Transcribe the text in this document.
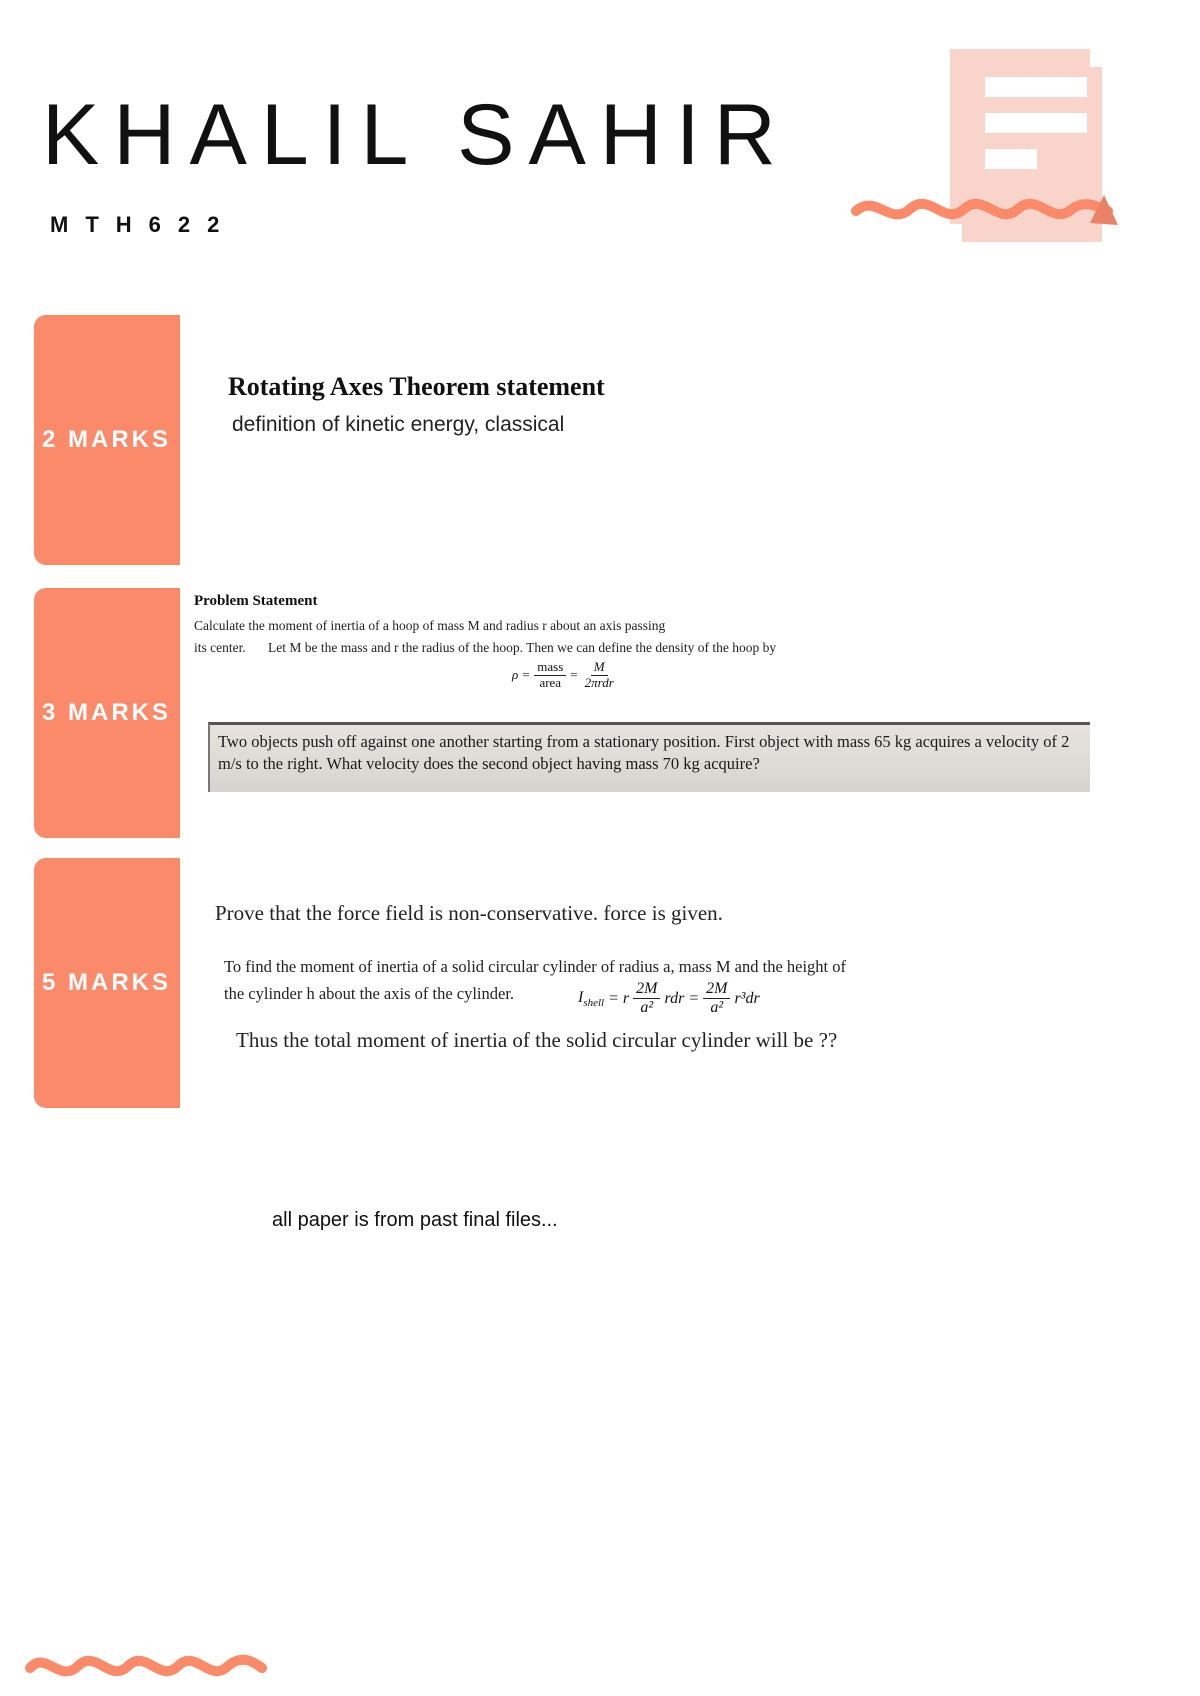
KHALIL SAHIR
MTH622
2 MARKS
Rotating Axes Theorem statement
definition of kinetic energy, classical
3 MARKS
Problem Statement
Calculate the moment of inertia of a hoop of mass M and radius r about an axis passing
its center. Let M be the mass and r the radius of the hoop. Then we can define the density of the hoop by
$\rho = \frac{\text{mass}}{\text{area}} = \frac{M}{\text{2πrdr}}$
Two objects push off against one another starting from a stationary position. First object with mass 65 kg acquires a velocity of 2
m/s to the right. What velocity does the second object having mass 70 kg acquire?
5 MARKS
Prove that the force field is non-conservative. force is given.
To find the moment of inertia of a solid circular cylinder of radius a, mass M and the height of
the cylinder h about the axis of the cylinder.	$I_{shell} = r \frac{2M}{\text{a²}}$ rdr = $\frac{2M}{\text{a²}} r^3dr$
Thus the total moment of inertia of the solid circular cylinder will be ??
all paper is from past final files...
